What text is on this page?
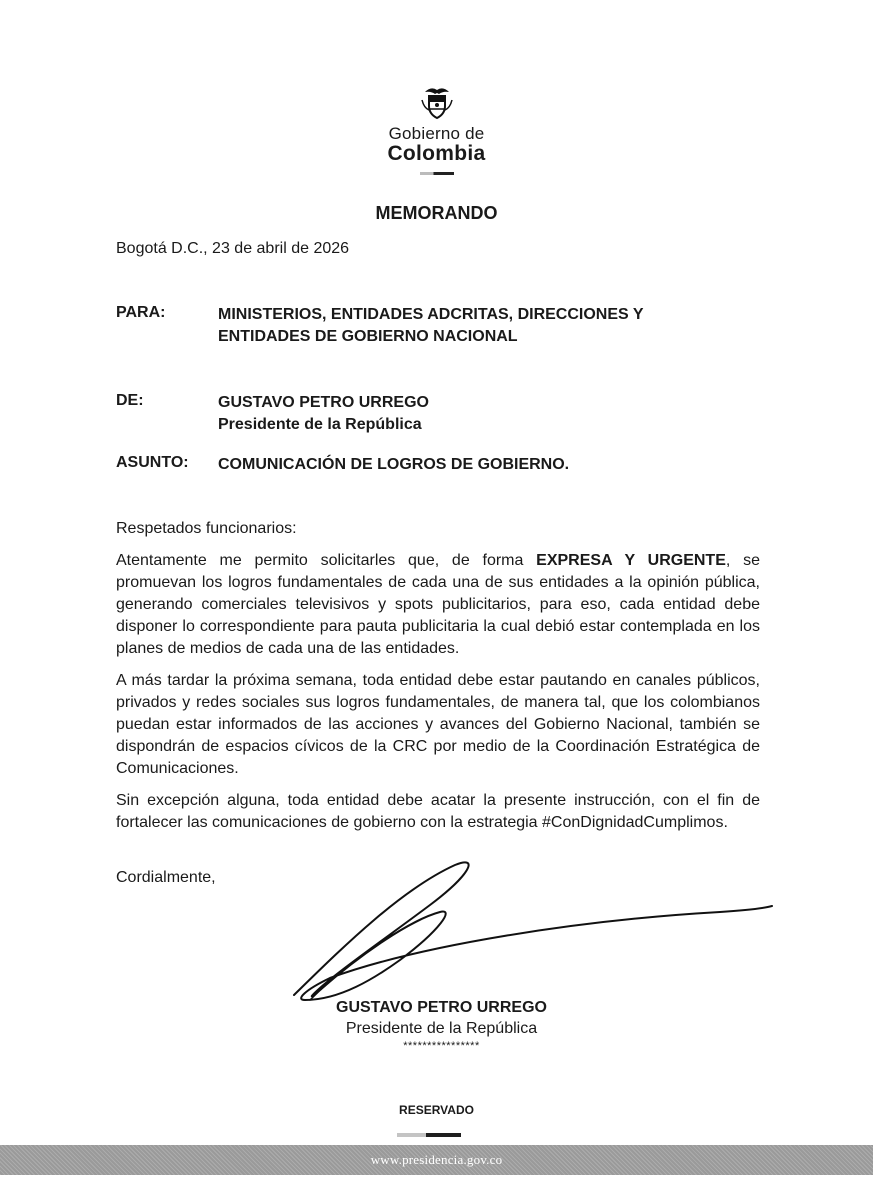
Gobierno de
Colombia
MEMORANDO
Bogotá D.C., 23 de abril de 2026
PARA:	MINISTERIOS, ENTIDADES ADCRITAS, DIRECCIONES Y
ENTIDADES DE GOBIERNO NACIONAL
DE:	GUSTAVO PETRO URREGO
Presidente de la República
ASUNTO: COMUNICACIÓN DE LOGROS DE GOBIERNO.
Respetados funcionarios:
Atentamente me permito solicitarles que, de forma EXPRESA Y URGENTE, se promuevan los logros fundamentales de cada una de sus entidades a la opinión pública, generando comerciales televisivos y spots publicitarios, para eso, cada entidad debe disponer lo correspondiente para pauta publicitaria la cual debió estar contemplada en los planes de medios de cada una de las entidades.
A más tardar la próxima semana, toda entidad debe estar pautando en canales públicos, privados y redes sociales sus logros fundamentales, de manera tal, que los colombianos puedan estar informados de las acciones y avances del Gobierno Nacional, también se dispondrán de espacios cívicos de la CRC por medio de la Coordinación Estratégica de Comunicaciones.
Sin excepción alguna, toda entidad debe acatar la presente instrucción, con el fin de fortalecer las comunicaciones de gobierno con la estrategia #ConDignidadCumplimos.
Cordialmente,
GUSTAVO PETRO URREGO
Presidente de la República
****************
RESERVADO
www.presidencia.gov.co
